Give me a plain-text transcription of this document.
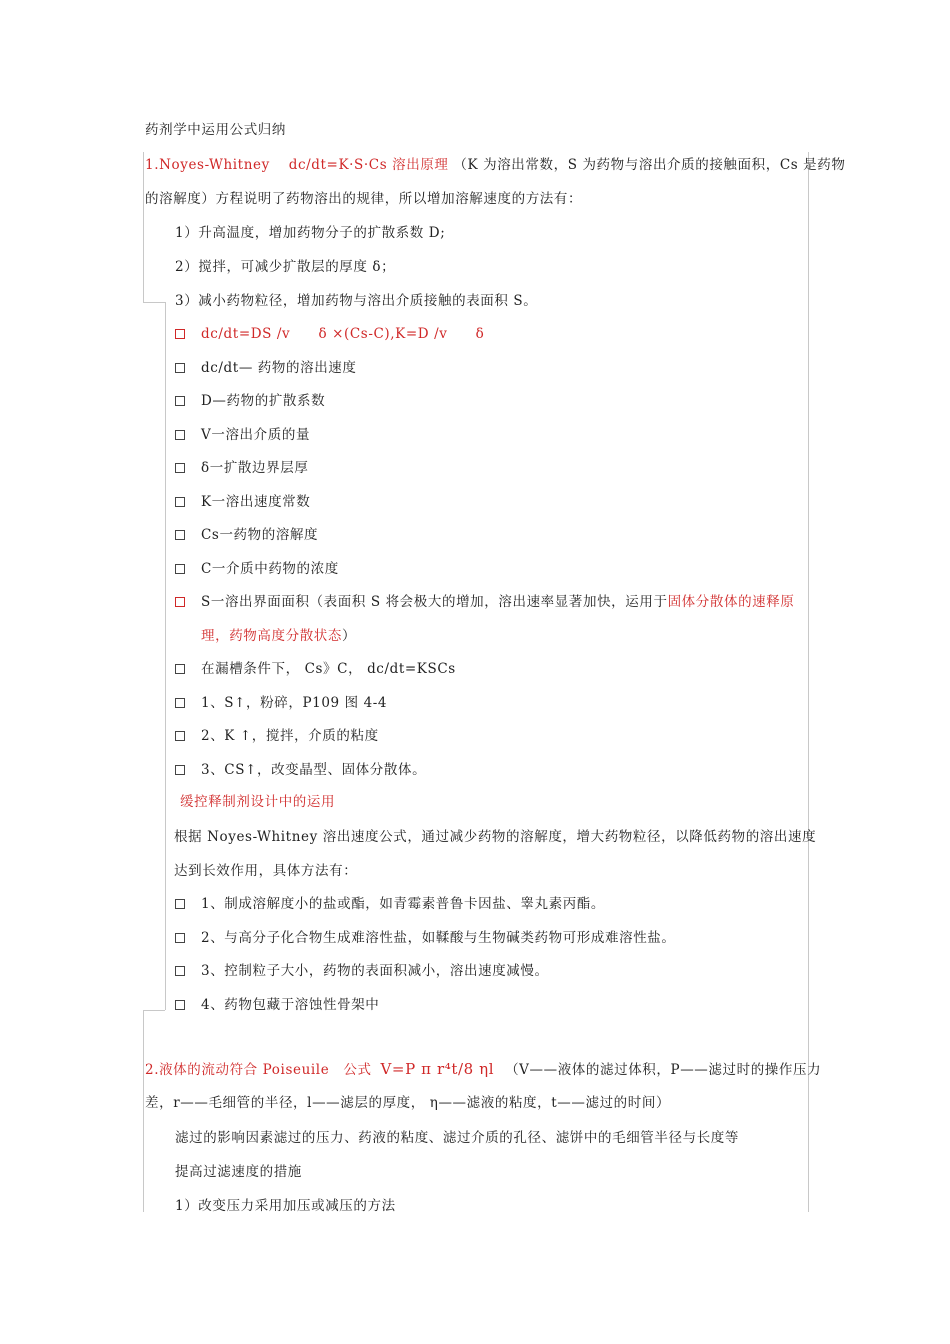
药剂学中运用公式归纳
1.Noyes-Whitney dc/dt=K·S·Cs 溶出原理 （K 为溶出常数，S 为药物与溶出介质的接触面积，Cs 是药物
的溶解度）方程说明了药物溶出的规律，所以增加溶解速度的方法有：
1）升高温度，增加药物分子的扩散系数 D;
2）搅拌，可减少扩散层的厚度 δ；
3）减小药物粒径，增加药物与溶出介质接触的表面积 S。
dc/dt=DS /v　　δ ×(Cs-C),K=D /v　　δ
dc/dt— 药物的溶出速度
D—药物的扩散系数
V一溶出介质的量
δ一扩散边界层厚
K一溶出速度常数
Cs一药物的溶解度
C一介质中药物的浓度
S一溶出界面面积（表面积 S 将会极大的增加，溶出速率显著加快，运用于固体分散体的速释原
理，药物高度分散状态）
在漏槽条件下， Cs》C， dc/dt=KSCs
1、S↑，粉碎，P109 图 4-4
2、K ↑，搅拌，介质的粘度
3、CS↑，改变晶型、固体分散体。
缓控释制剂设计中的运用
根据 Noyes-Whitney 溶出速度公式，通过减少药物的溶解度，增大药物粒径，以降低药物的溶出速度
达到长效作用，具体方法有：
1、制成溶解度小的盐或酯，如青霉素普鲁卡因盐、睾丸素丙酯。
2、与高分子化合物生成难溶性盐，如鞣酸与生物碱类药物可形成难溶性盐。
3、控制粒子大小，药物的表面积减小，溶出速度减慢。
4、药物包藏于溶蚀性骨架中
2.液体的流动符合 Poiseuile　公式 V=P π r⁴t/8 ηl （V——液体的滤过体积，P——滤过时的操作压力
差，r——毛细管的半径，l——滤层的厚度， η——滤液的粘度，t——滤过的时间）
滤过的影响因素滤过的压力、药液的粘度、滤过介质的孔径、滤饼中的毛细管半径与长度等
提高过滤速度的措施
1）改变压力采用加压或减压的方法
